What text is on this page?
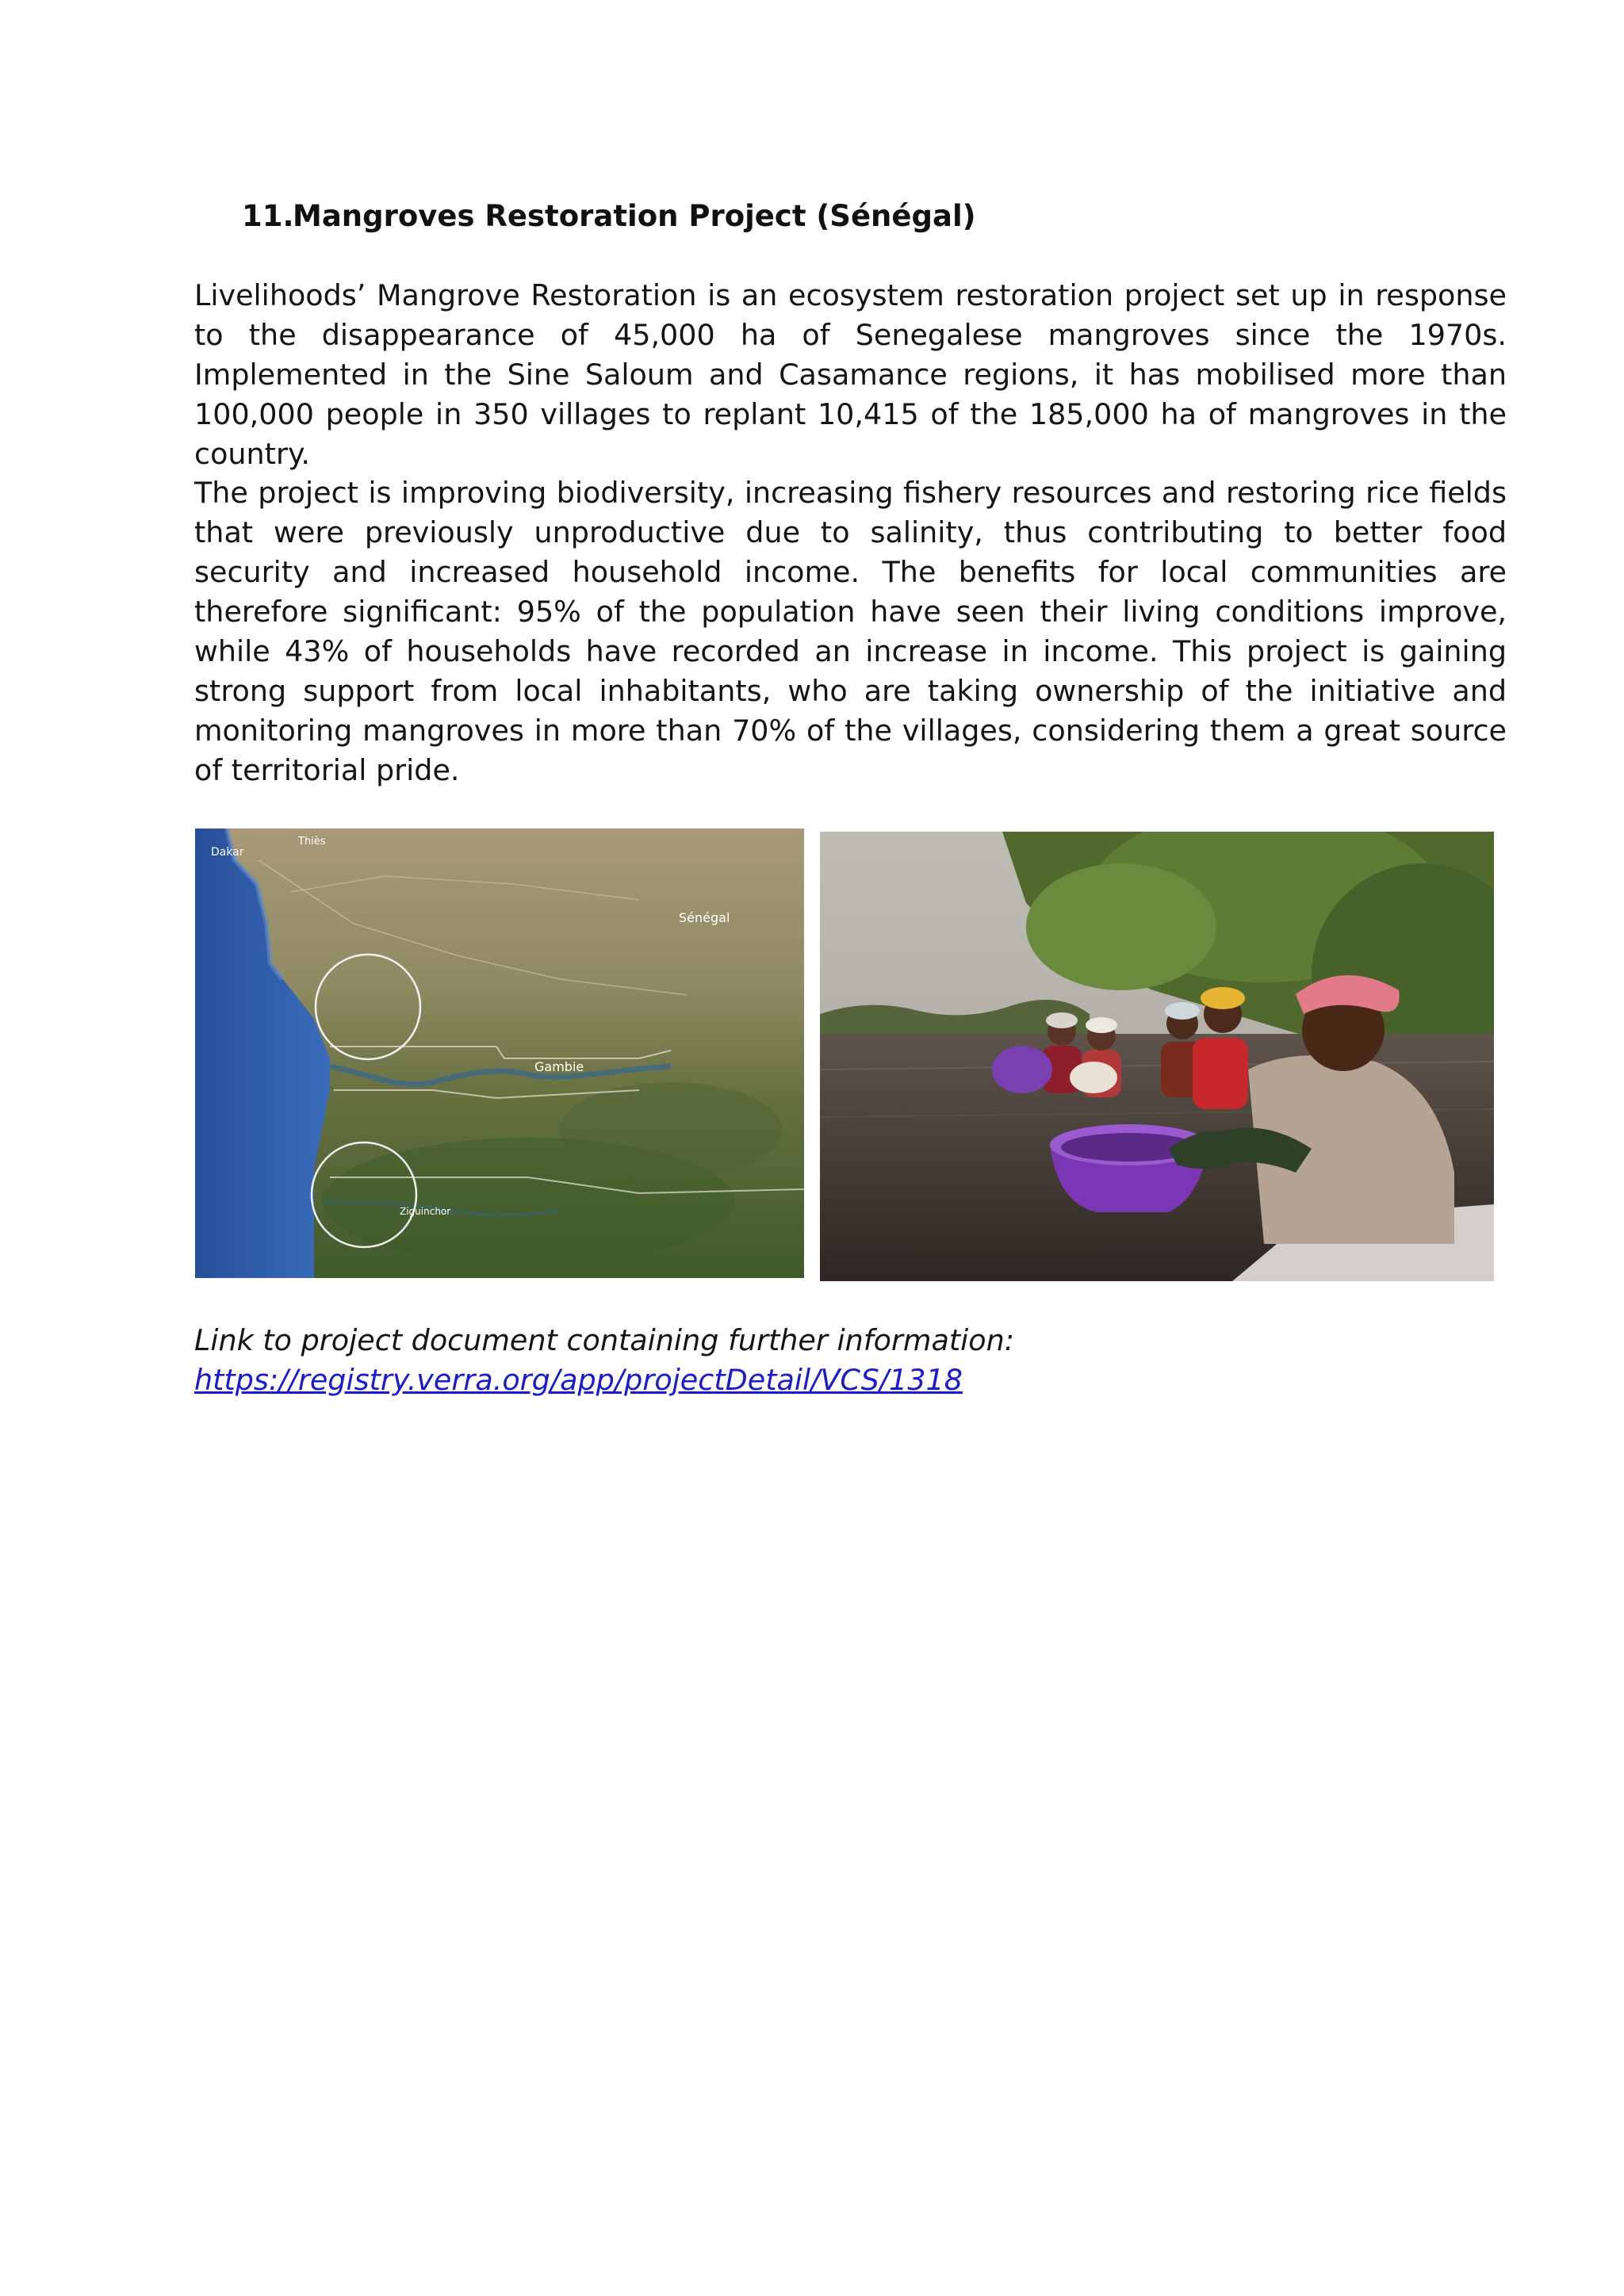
11.Mangroves Restoration Project (Sénégal)

Livelihoods’ Mangrove Restoration is an ecosystem restoration project set up in response to the disappearance of 45,000 ha of Senegalese mangroves since the 1970s. Implemented in the Sine Saloum and Casamance regions, it has mobilised more than 100,000 people in 350 villages to replant 10,415 of the 185,000 ha of mangroves in the country.

The project is improving biodiversity, increasing fishery resources and restoring rice fields that were previously unproductive due to salinity, thus contributing to better food security and increased household income. The benefits for local communities are therefore significant: 95% of the population have seen their living conditions improve, while 43% of households have recorded an increase in income. This project is gaining strong support from local inhabitants, who are taking ownership of the initiative and monitoring mangroves in more than 70% of the villages, considering them a great source of territorial pride.

Dakar
Thiès
Sénégal
Gambie
Ziguinchor
Link to project document containing further information:
https://registry.verra.org/app/projectDetail/VCS/1318
